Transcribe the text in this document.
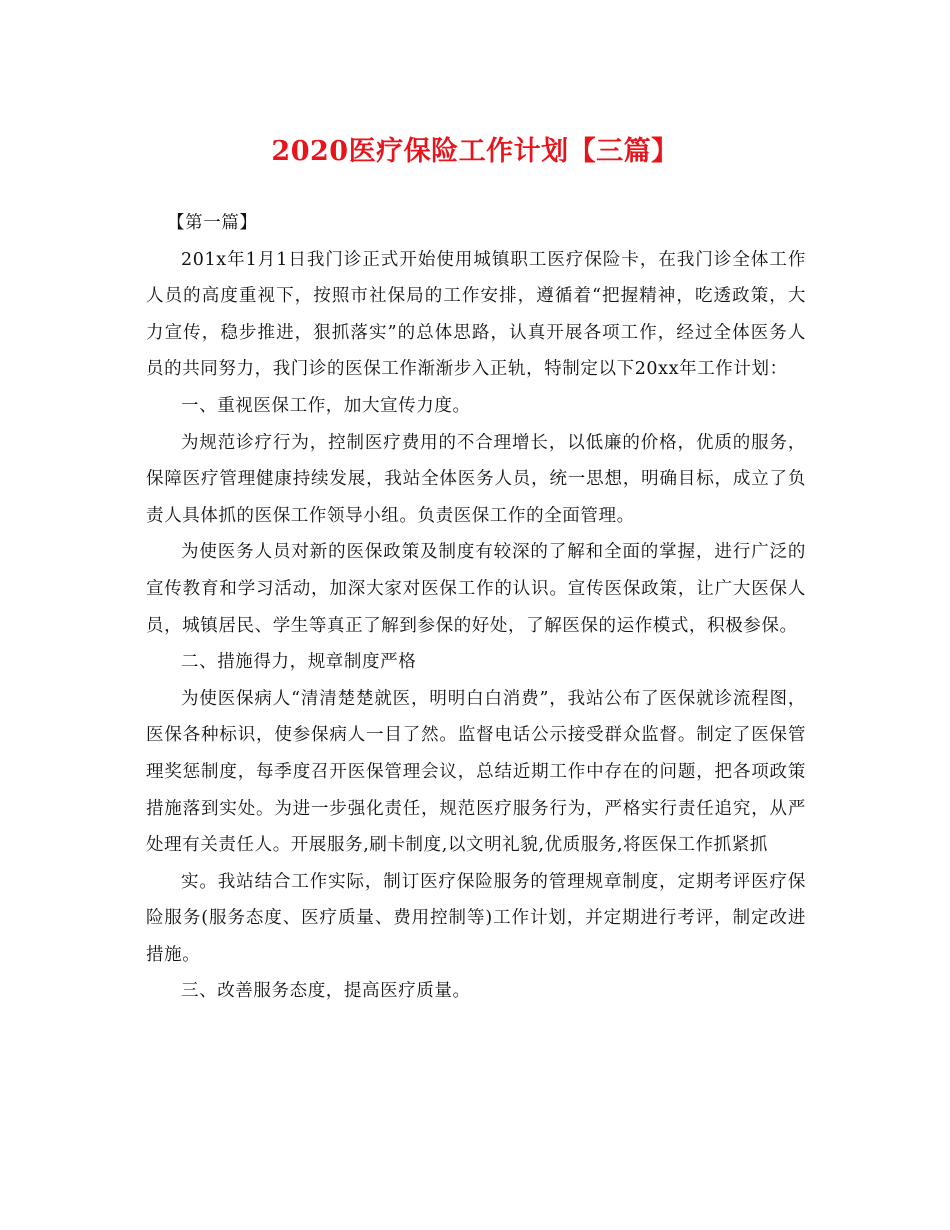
2020医疗保险工作计划【三篇】

【第一篇】

201x年1月1日我门诊正式开始使用城镇职工医疗保险卡，在我门诊全体工作人员的高度重视下，按照市社保局的工作安排，遵循着“把握精神，吃透政策，大力宣传，稳步推进，狠抓落实”的总体思路，认真开展各项工作，经过全体医务人员的共同努力，我门诊的医保工作渐渐步入正轨，特制定以下20xx年工作计划：

一、重视医保工作，加大宣传力度。

为规范诊疗行为，控制医疗费用的不合理增长，以低廉的价格，优质的服务，保障医疗管理健康持续发展，我站全体医务人员，统一思想，明确目标，成立了负责人具体抓的医保工作领导小组。负责医保工作的全面管理。

为使医务人员对新的医保政策及制度有较深的了解和全面的掌握，进行广泛的宣传教育和学习活动，加深大家对医保工作的认识。宣传医保政策，让广大医保人员，城镇居民、学生等真正了解到参保的好处，了解医保的运作模式，积极参保。

二、措施得力，规章制度严格

为使医保病人“清清楚楚就医，明明白白消费”，我站公布了医保就诊流程图，医保各种标识，使参保病人一目了然。监督电话公示接受群众监督。制定了医保管理奖惩制度，每季度召开医保管理会议，总结近期工作中存在的问题，把各项政策措施落到实处。为进一步强化责任，规范医疗服务行为，严格实行责任追究，从严处理有关责任人。开展服务,刷卡制度,以文明礼貌,优质服务,将医保工作抓紧抓

实。我站结合工作实际，制订医疗保险服务的管理规章制度，定期考评医疗保险服务(服务态度、医疗质量、费用控制等)工作计划，并定期进行考评，制定改进措施。

三、改善服务态度，提高医疗质量。
